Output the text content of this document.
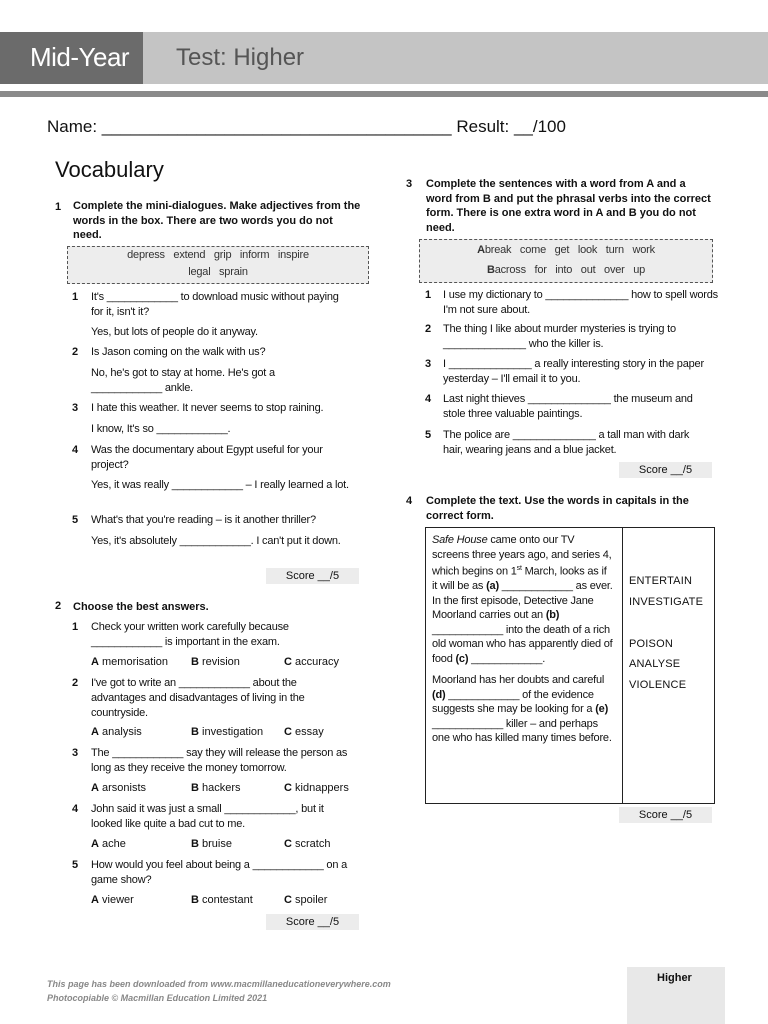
Mid-Year Test: Higher
Name: _____________________________________ Result: __/100
Vocabulary
1 Complete the mini-dialogues. Make adjectives from the words in the box. There are two words you do not need.
depress   extend   grip   inform   inspire
legal   sprain
1 It's ____________ to download music without paying for it, isn't it?
Yes, but lots of people do it anyway.
2 Is Jason coming on the walk with us?
No, he's got to stay at home. He's got a ____________ ankle.
3 I hate this weather. It never seems to stop raining.
I know, It's so ____________.
4 Was the documentary about Egypt useful for your project?
Yes, it was really ____________ – I really learned a lot.
5 What's that you're reading – is it another thriller?
Yes, it's absolutely ____________. I can't put it down.
Score __/5
2 Choose the best answers.
1 Check your written work carefully because ____________ is important in the exam.
A memorisation B revision	C accuracy
2 I've got to write an ____________ about the advantages and disadvantages of living in the countryside.
A analysis	B investigation C essay
3 The ____________ say they will release the person as long as they receive the money tomorrow.
A arsonists	B hackers	C kidnappers
4 John said it was just a small ____________, but it looked like quite a bad cut to me.
A ache	B bruise	C scratch
5 How would you feel about being a ____________ on a game show?
A viewer	B contestant	C spoiler
Score __/5
3 Complete the sentences with a word from A and a word from B and put the phrasal verbs into the correct form. There is one extra word in A and B you do not need.
Abreak   come   get   look   turn   work
Bacross   for   into   out   over   up
1 I use my dictionary to ______________ how to spell words I'm not sure about.
2 The thing I like about murder mysteries is trying to ______________ who the killer is.
3 I ______________ a really interesting story in the paper yesterday – I'll email it to you.
4 Last night thieves ______________ the museum and stole three valuable paintings.
5 The police are ______________ a tall man with dark hair, wearing jeans and a blue jacket.
Score __/5
4 Complete the text. Use the words in capitals in the correct form.
Safe House came onto our TV screens three years ago, and series 4, which begins on 1st March, looks as if it will be as (a) ____________ as ever. In the first episode, Detective Jane Moorland carries out an (b) ____________ into the death of a rich old woman who has apparently died of food (c) ____________.
Moorland has her doubts and careful
(d) ____________ of the evidence suggests she may be looking for a (e) ____________ killer – and perhaps one who has killed many times before.
ENTERTAIN
INVESTIGATE
POISON
ANALYSE
VIOLENCE
Score __/5
This page has been downloaded from www.macmillaneducationeverywhere.com
Photocopiable © Macmillan Education Limited 2021
Higher
